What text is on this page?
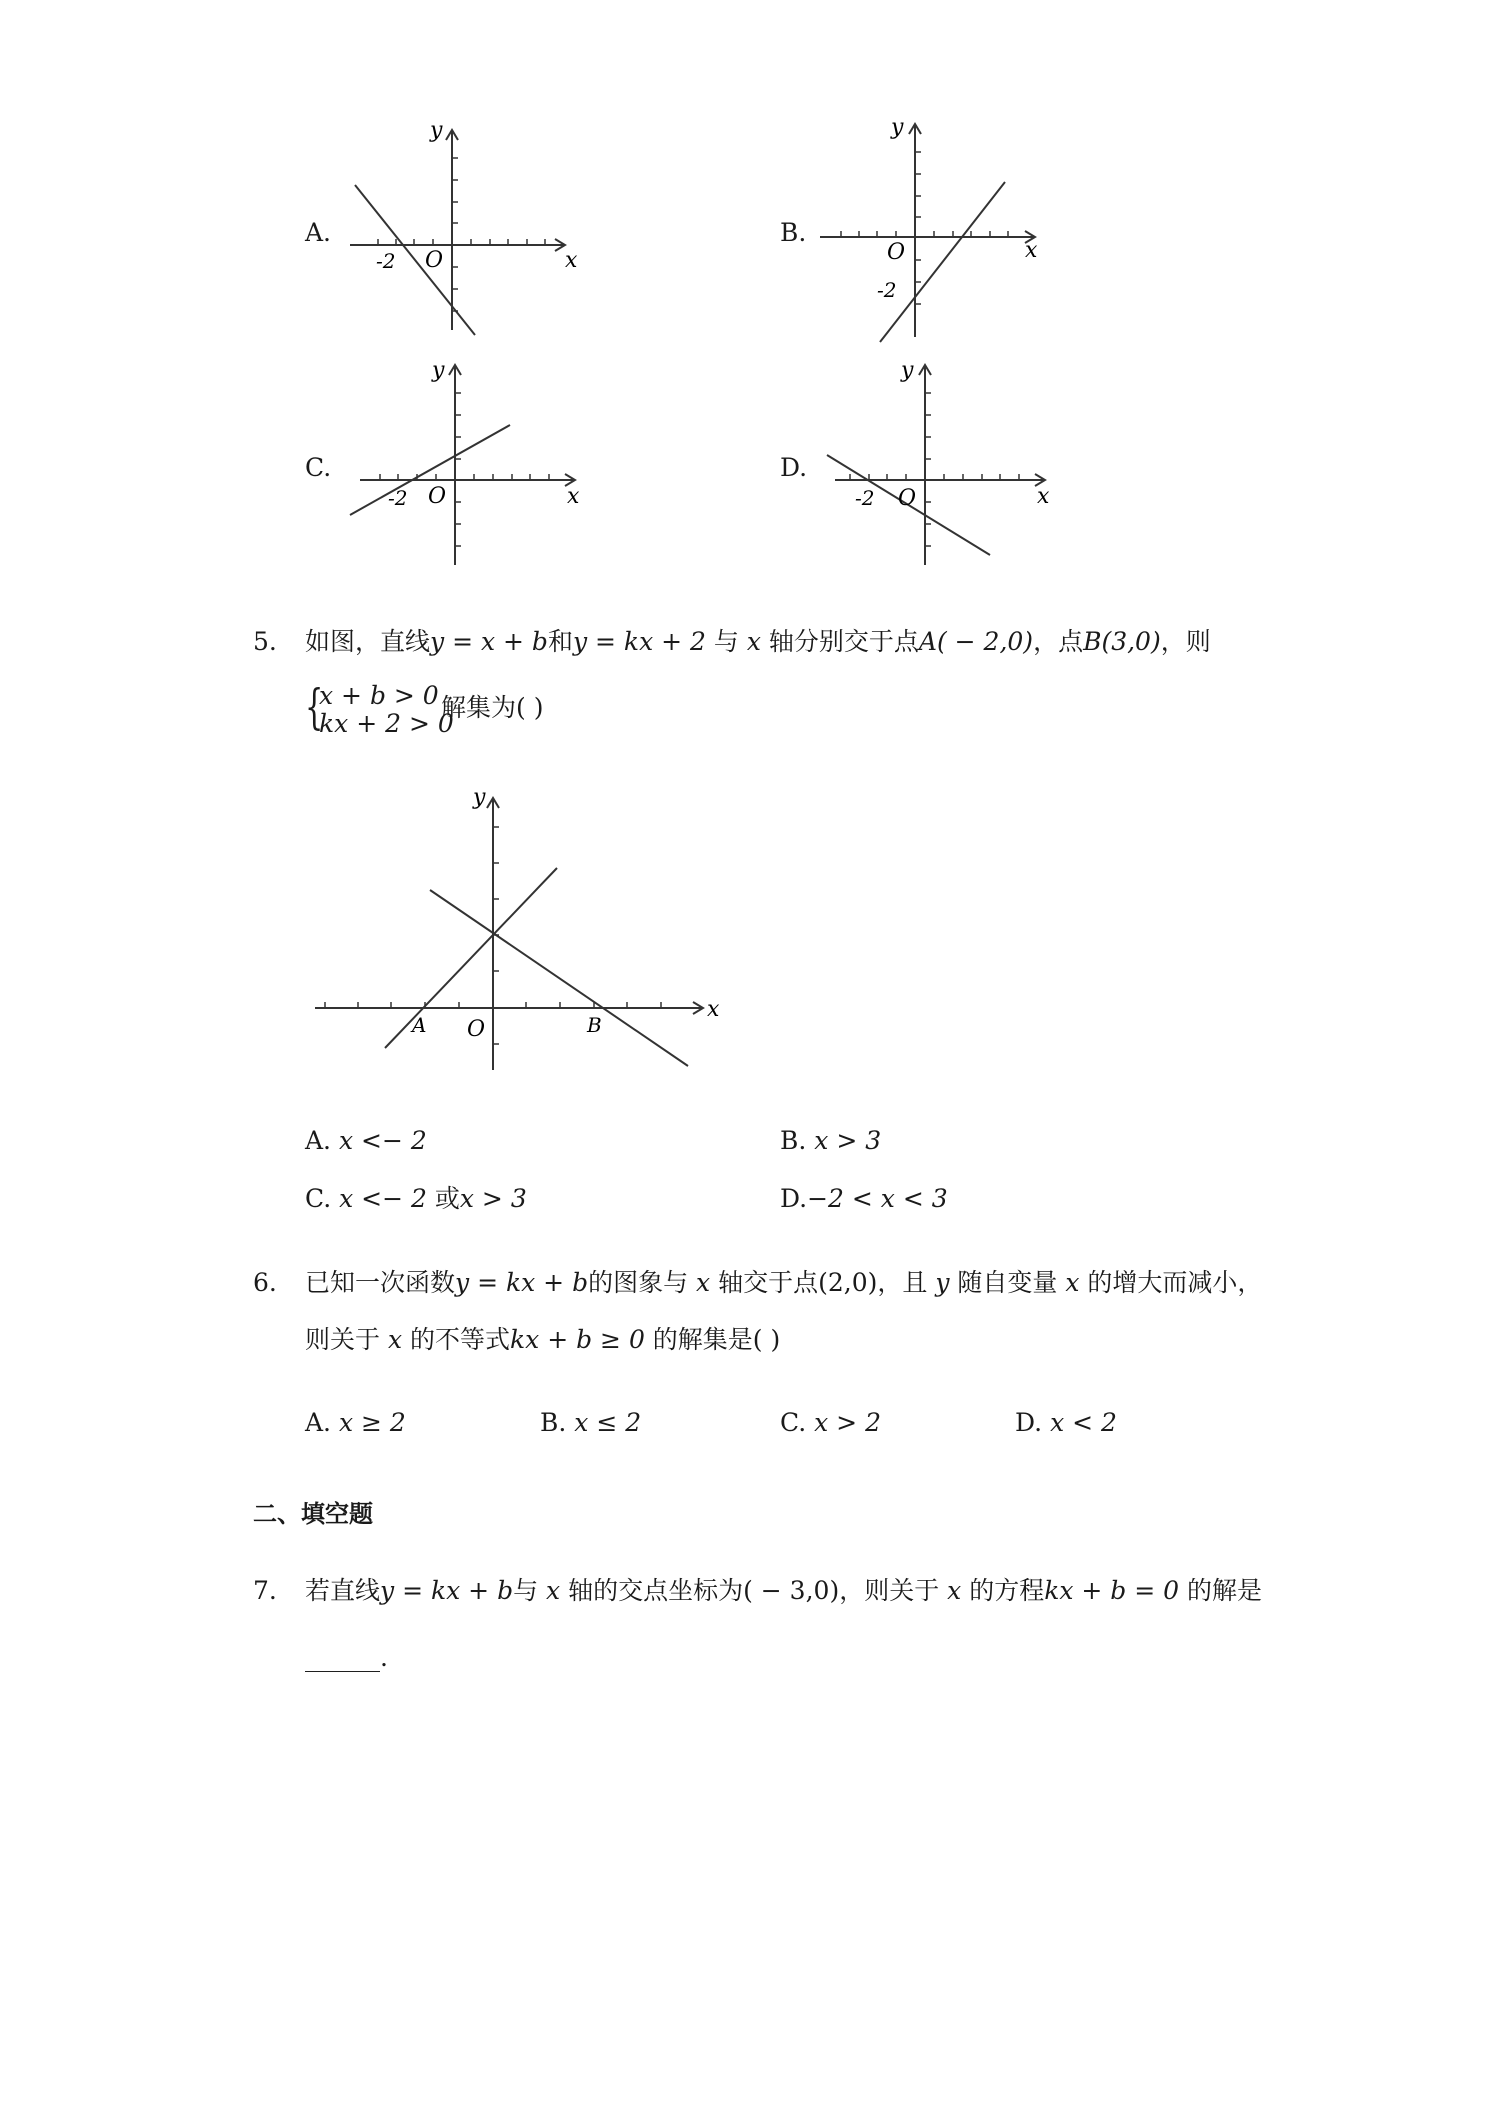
A.
y
x
O
-2
B.
y
x
O
-2
C.
y
x
O
-2
D.
y
x
O
-2
5. 如图，直线y = x + b和y = kx + 2 与 x 轴分别交于点A( − 2,0)，点B(3,0)，则
{
x + b > 0
kx + 2 > 0
解集为( )
y
x
O
A	B
A. x <− 2	B. x > 3
C. x <− 2 或x > 3	D.−2 < x < 3
6. 已知一次函数y = kx + b的图象与 x 轴交于点(2,0)，且 y 随自变量 x 的增大而减小，
则关于 x 的不等式kx + b ≥ 0 的解集是( )
A. x ≥ 2	B. x ≤ 2	C. x > 2	D. x < 2
二、填空题
7. 若直线y = kx + b与 x 轴的交点坐标为( − 3,0)，则关于 x 的方程kx + b = 0 的解是
______.
